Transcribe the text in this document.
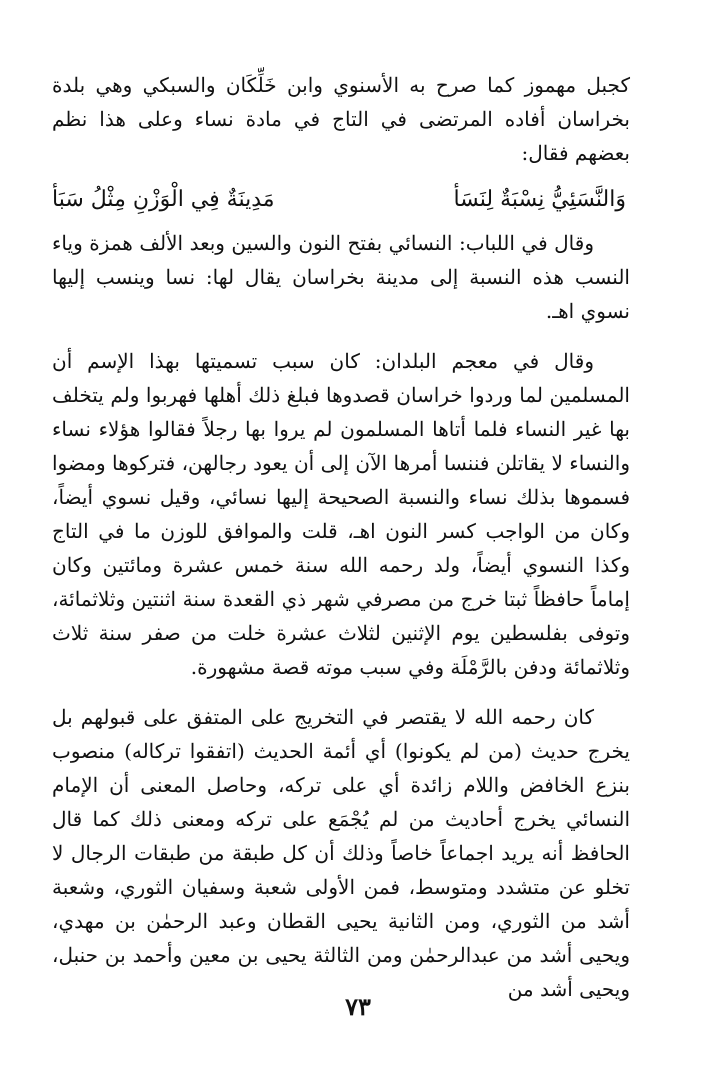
كجبل مهموز كما صرح به الأسنوي وابن خَلِّكَان والسبكي وهي بلدة بخراسان أفاده المرتضى في التاج في مادة نساء وعلى هذا نظم بعضهم فقال:

وَالنَّسَئِيُّ نِسْبَةٌ لِنَسَأ
مَدِينَةٌ فِي الْوَزْنِ مِثْلُ سَبَأ

وقال في اللباب: النسائي بفتح النون والسين وبعد الألف همزة وياء النسب هذه النسبة إلى مدينة بخراسان يقال لها: نسا وينسب إليها نسوي اهـ.

وقال في معجم البلدان: كان سبب تسميتها بهذا الإسم أن المسلمين لما وردوا خراسان قصدوها فبلغ ذلك أهلها فهربوا ولم يتخلف بها غير النساء فلما أتاها المسلمون لم يروا بها رجلاً فقالوا هؤلاء نساء والنساء لا يقاتلن فننسا أمرها الآن إلى أن يعود رجالهن، فتركوها ومضوا فسموها بذلك نساء والنسبة الصحيحة إليها نسائي، وقيل نسوي أيضاً، وكان من الواجب كسر النون اهـ، قلت والموافق للوزن ما في التاج وكذا النسوي أيضاً، ولد رحمه الله سنة خمس عشرة ومائتين وكان إماماً حافظاً ثبتا خرج من مصرفي شهر ذي القعدة سنة اثنتين وثلاثمائة، وتوفى بفلسطين يوم الإثنين لثلاث عشرة خلت من صفر سنة ثلاث وثلاثمائة ودفن بالرَّمْلَة وفي سبب موته قصة مشهورة.

كان رحمه الله لا يقتصر في التخريج على المتفق على قبولهم بل يخرج حديث (من لم يكونوا) أي أئمة الحديث (اتفقوا تركاله) منصوب بنزع الخافض واللام زائدة أي على تركه، وحاصل المعنى أن الإمام النسائي يخرج أحاديث من لم يُجْمَع على تركه ومعنى ذلك كما قال الحافظ أنه يريد اجماعاً خاصاً وذلك أن كل طبقة من طبقات الرجال لا تخلو عن متشدد ومتوسط، فمن الأولى شعبة وسفيان الثوري، وشعبة أشد من الثوري، ومن الثانية يحيى القطان وعبد الرحمٰن بن مهدي، ويحيى أشد من عبدالرحمٰن ومن الثالثة يحيى بن معين وأحمد بن حنبل، ويحيى أشد من

٧٣
